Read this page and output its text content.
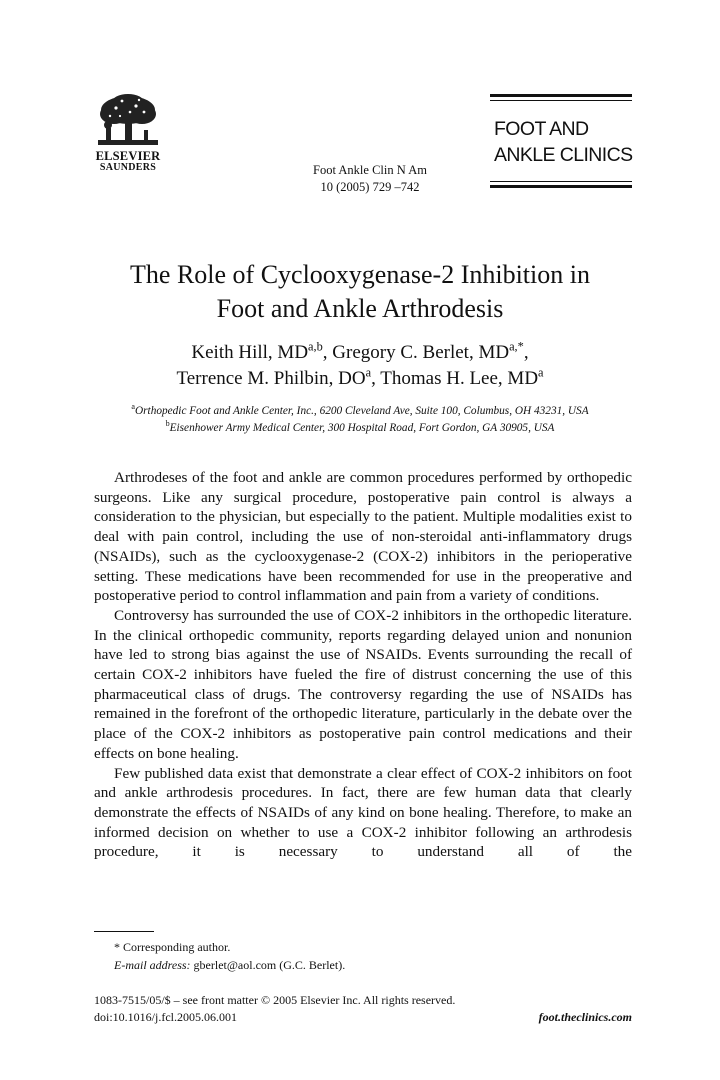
ELSEVIER
SAUNDERS	Foot Ankle Clin N Am
10 (2005) 729 –742
FOOT AND
ANKLE CLINICS
The Role of Cyclooxygenase-2 Inhibition in
Foot and Ankle Arthrodesis
Keith Hill, MD$^{a,b}$, Gregory C. Berlet, $MD^{a,*}$,
Terrence M. Philbin, $DO^a$, Thomas H. Lee, $MD^a$
$^a$Orthopedic Foot and Ankle Center, Inc., 6200 Cleveland Ave, Suite 100, Columbus, OH 43231, USA
$^b$Eisenhower Army Medical Center, 300 Hospital Road, Fort Gordon, GA 30905, USA

Arthrodeses of the foot and ankle are common procedures performed by orthopedic surgeons. Like any surgical procedure, postoperative pain control is always a consideration to the physician, but especially to the patient. Multiple modalities exist to deal with pain control, including the use of non-steroidal anti-inflammatory drugs (NSAIDs), such as the cyclooxygenase-2 (COX-2) inhibitors in the perioperative setting. These medications have been recommended for use in the preoperative and postoperative period to control inflammation and pain from a variety of conditions.

Controversy has surrounded the use of COX-2 inhibitors in the orthopedic literature. In the clinical orthopedic community, reports regarding delayed union and nonunion have led to strong bias against the use of NSAIDs. Events surrounding the recall of certain COX-2 inhibitors have fueled the fire of distrust concerning the use of this pharmaceutical class of drugs. The controversy regarding the use of NSAIDs has remained in the forefront of the orthopedic literature, particularly in the debate over the place of the COX-2 inhibitors as postoperative pain control medications and their effects on bone healing.

Few published data exist that demonstrate a clear effect of COX-2 inhibitors on foot and ankle arthrodesis procedures. In fact, there are few human data that clearly demonstrate the effects of NSAIDs of any kind on bone healing. Therefore, to make an informed decision on whether to use a COX-2 inhibitor following an arthrodesis procedure, it is necessary to understand all of the

* Corresponding author.
E-mail address: gberlet@aol.com (G.C. Berlet).
1083-7515/05/$ – see front matter © 2005 Elsevier Inc. All rights reserved.
doi:10.1016/j.fcl.2005.06.001	foot.theclinics.com
